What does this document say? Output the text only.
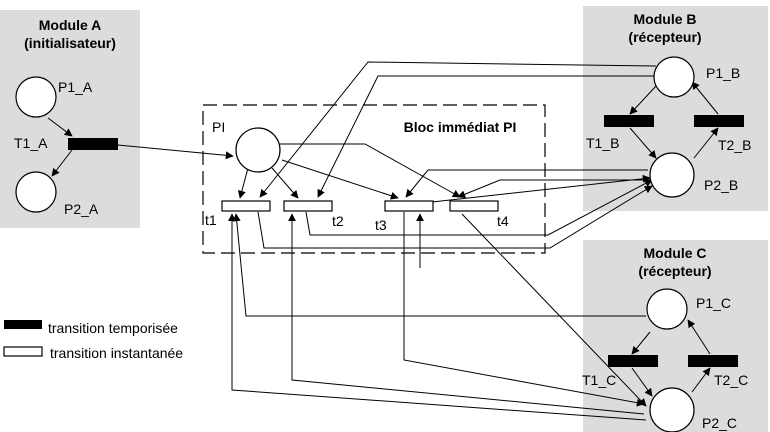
Module A
(initialisateur)
Module B
(récepteur)
Module C
(récepteur)
Bloc immédiat PI
P1_A
T1_A
P2_A
PI
t1	t2 t3	t4
P1_B
T1_B	T2_B
P2_B
P1_C
T1_C	T2_C
P2_C
transition temporisée
transition instantanée
